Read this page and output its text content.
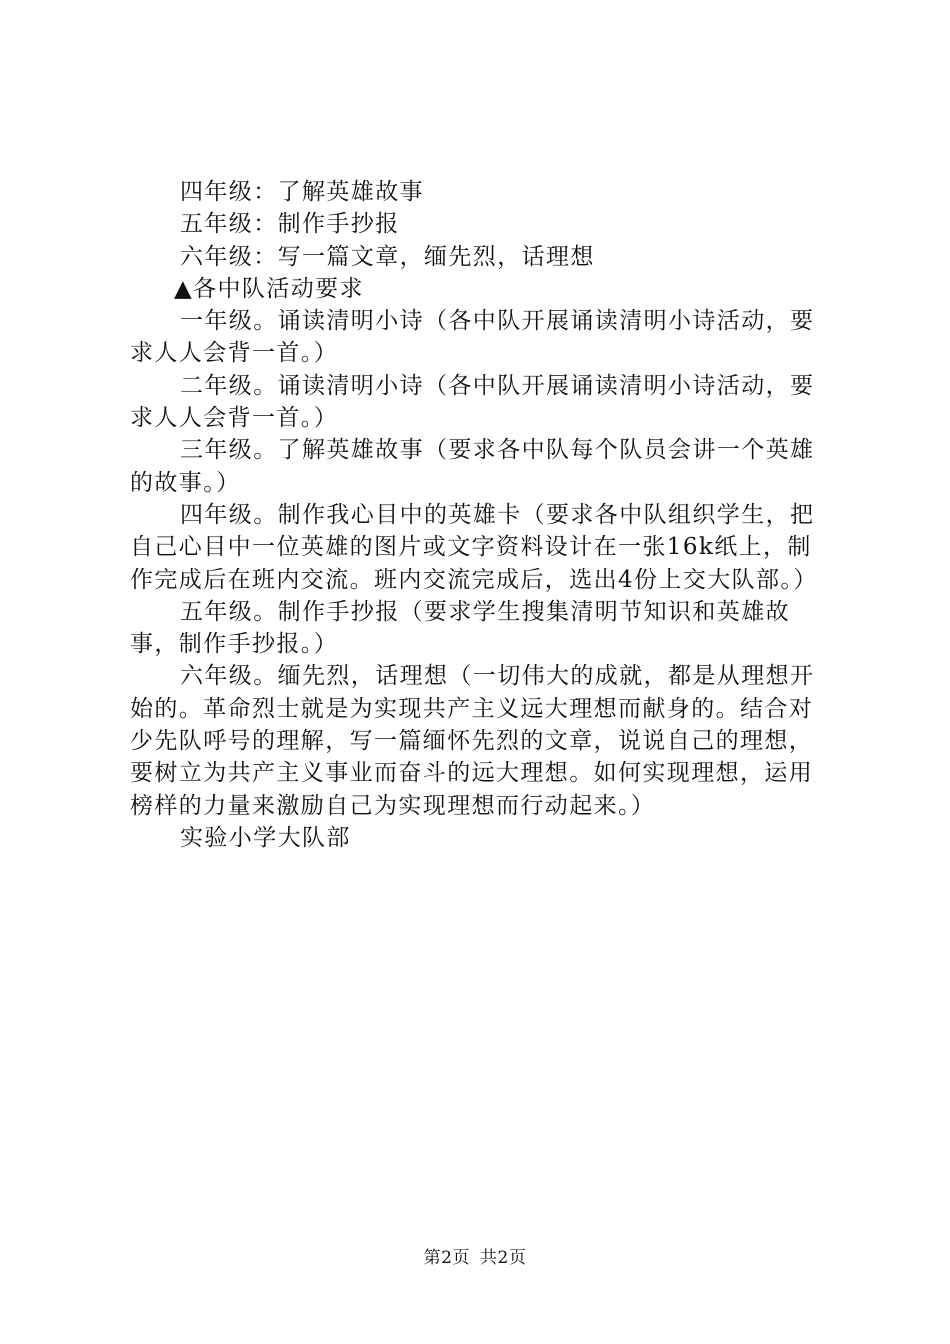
四年级：了解英雄故事

五年级：制作手抄报

六年级：写一篇文章，缅先烈，话理想

▲各中队活动要求

一年级。诵读清明小诗（各中队开展诵读清明小诗活动，要求人人会背一首。）

二年级。诵读清明小诗（各中队开展诵读清明小诗活动，要求人人会背一首。）

三年级。了解英雄故事（要求各中队每个队员会讲一个英雄的故事。）

四年级。制作我心目中的英雄卡（要求各中队组织学生，把自己心目中一位英雄的图片或文字资料设计在一张16k纸上，制作完成后在班内交流。班内交流完成后，选出4份上交大队部。）

五年级。制作手抄报（要求学生搜集清明节知识和英雄故事，制作手抄报。）

六年级。缅先烈，话理想（一切伟大的成就，都是从理想开始的。革命烈士就是为实现共产主义远大理想而献身的。结合对少先队呼号的理解，写一篇缅怀先烈的文章，说说自己的理想，要树立为共产主义事业而奋斗的远大理想。如何实现理想，运用榜样的力量来激励自己为实现理想而行动起来。）

实验小学大队部

第2页 共2页
